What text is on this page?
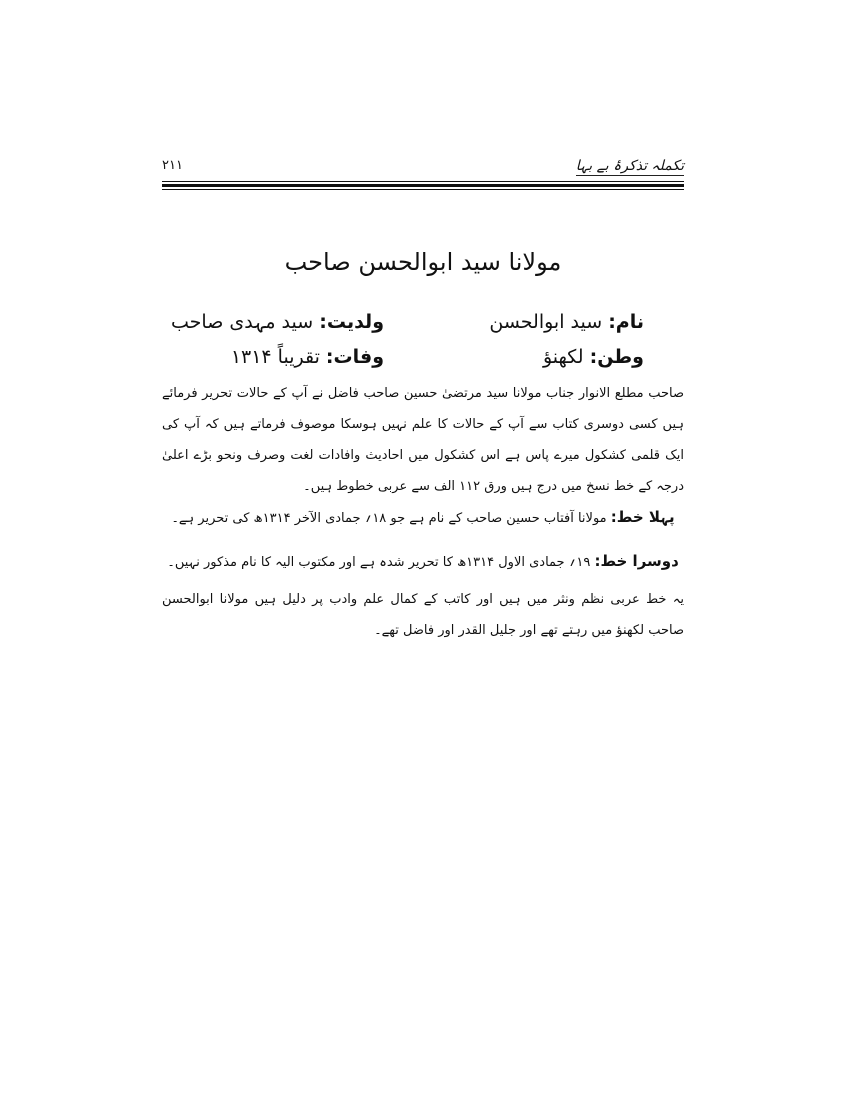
تکملہ تذکرۂ بے بہا
۲۱۱
مولانا سید ابوالحسن صاحب
نام: سید ابوالحسن
ولدیت: سید مہدی صاحب
وطن: لکھنؤ
وفات: تقریباً ۱۳۱۴

صاحب مطلع الانوار جناب مولانا سید مرتضیٰ حسین صاحب فاضل نے آپ کے حالات تحریر فرمائے ہیں کسی دوسری کتاب سے آپ کے حالات کا علم نہیں ہوسکا موصوف فرماتے ہیں کہ آپ کی ایک قلمی کشکول میرے پاس ہے اس کشکول میں احادیث وافادات لغت وصرف ونحو بڑے اعلیٰ درجہ کے خط نسخ میں درج ہیں ورق ۱۱۲ الف سے عربی خطوط ہیں۔

پہلا خط: مولانا آفتاب حسین صاحب کے نام ہے جو ۱۸؍ جمادی الآخر ۱۳۱۴ھ کی تحریر ہے۔
دوسرا خط: ۱۹؍ جمادی الاول ۱۳۱۴ھ کا تحریر شدہ ہے اور مکتوب الیہ کا نام مذکور نہیں۔

یہ خط عربی نظم ونثر میں ہیں اور کاتب کے کمال علم وادب پر دلیل ہیں مولانا ابوالحسن صاحب لکھنؤ میں رہتے تھے اور جلیل القدر اور فاضل تھے۔
